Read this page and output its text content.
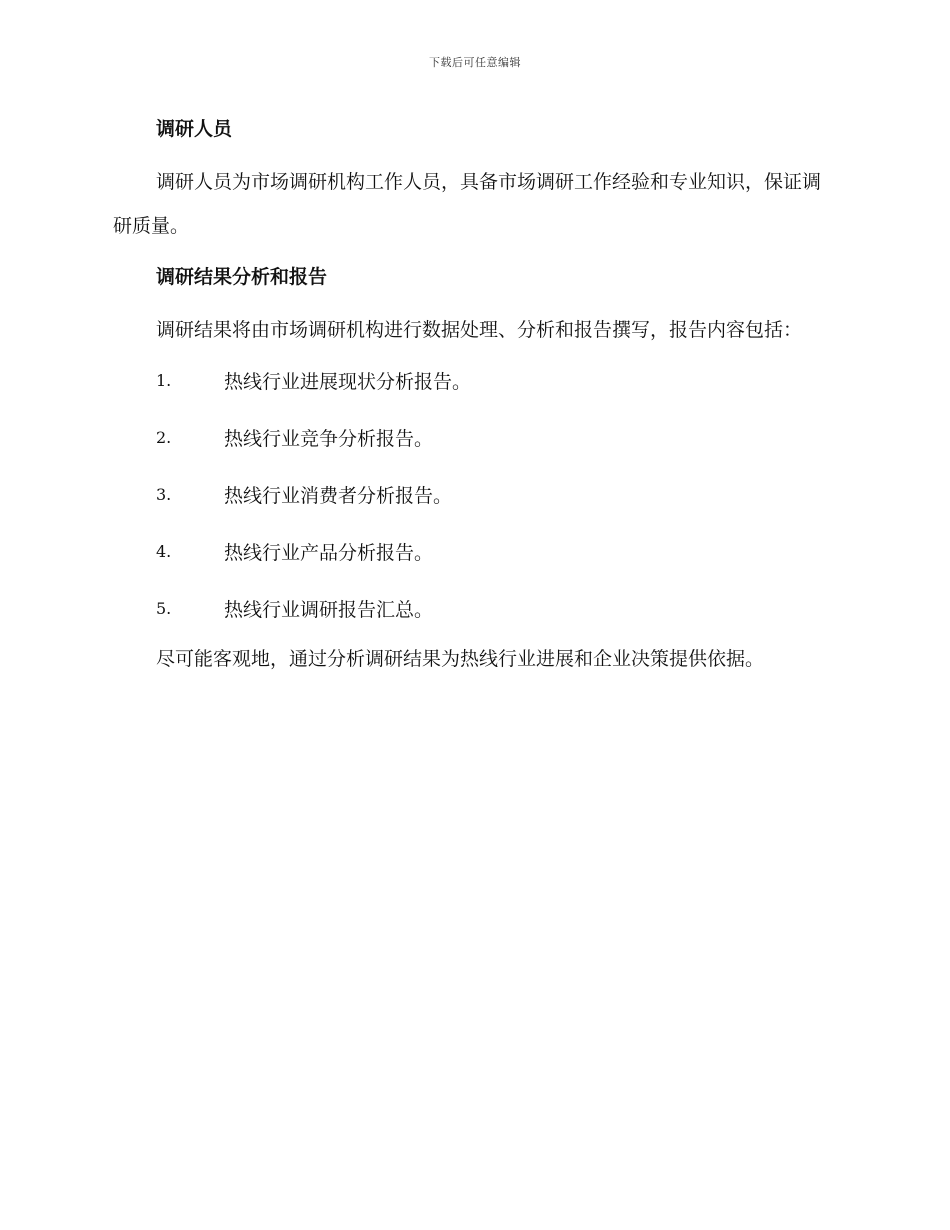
下载后可任意编辑
调研人员

调研人员为市场调研机构工作人员，具备市场调研工作经验和专业知识，保证调研质量。

调研结果分析和报告

调研结果将由市场调研机构进行数据处理、分析和报告撰写，报告内容包括：

1.	热线行业进展现状分析报告。
2.	热线行业竞争分析报告。
3.	热线行业消费者分析报告。
4.	热线行业产品分析报告。
5.	热线行业调研报告汇总。

尽可能客观地，通过分析调研结果为热线行业进展和企业决策提供依据。
